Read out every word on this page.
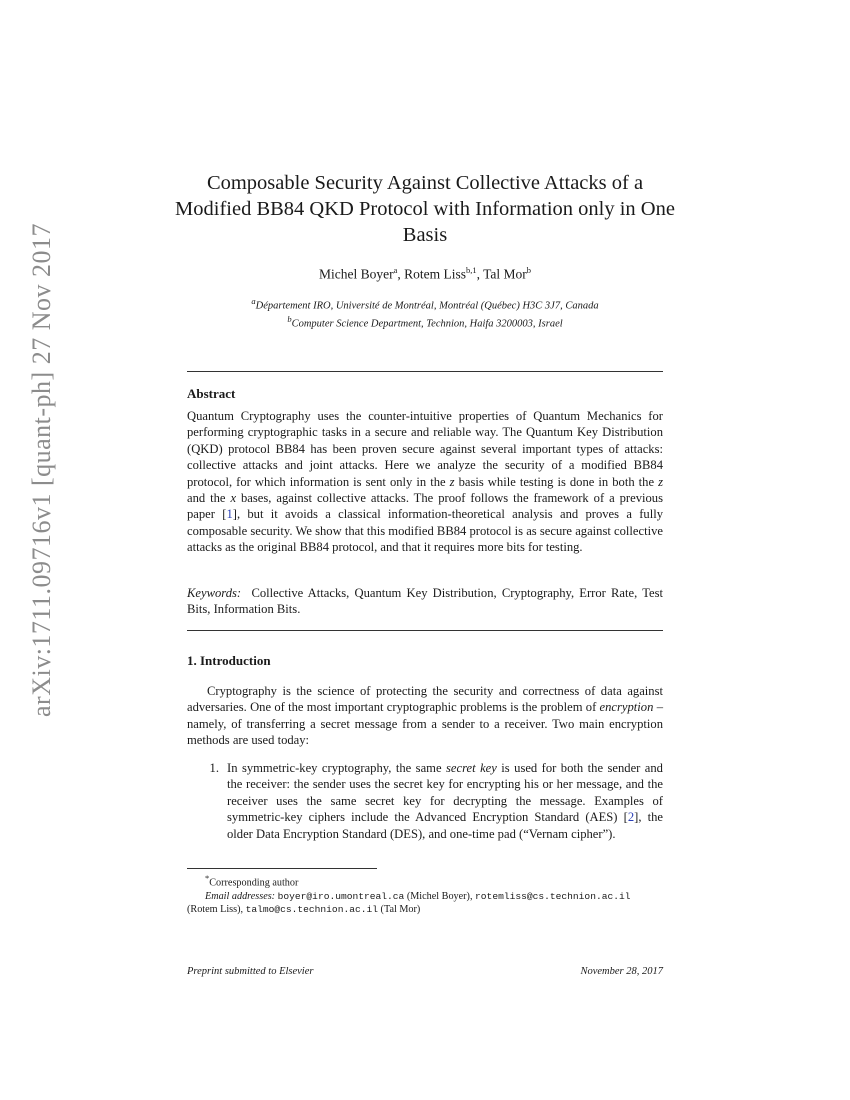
arXiv:1711.09716v1 [quant-ph] 27 Nov 2017
Composable Security Against Collective Attacks of a Modified BB84 QKD Protocol with Information only in One Basis
Michel Boyer$^a$, Rotem Liss$^{b,1}$, Tal Mor$^b$
$^a$Département IRO, Université de Montréal, Montréal (Québec) H3C 3J7, Canada
$^b$Computer Science Department, Technion, Haifa 3200003, Israel
Abstract
Quantum Cryptography uses the counter-intuitive properties of Quantum Mechanics for performing cryptographic tasks in a secure and reliable way. The Quantum Key Distribution (QKD) protocol BB84 has been proven secure against several important types of attacks: collective attacks and joint attacks. Here we analyze the security of a modified BB84 protocol, for which information is sent only in the z basis while testing is done in both the z and the x bases, against collective attacks. The proof follows the framework of a previous paper [1], but it avoids a classical information-theoretical analysis and proves a fully composable security. We show that this modified BB84 protocol is as secure against collective attacks as the original BB84 protocol, and that it requires more bits for testing.
Keywords: Collective Attacks, Quantum Key Distribution, Cryptography, Error Rate, Test Bits, Information Bits.
1. Introduction
Cryptography is the science of protecting the security and correctness of data against adversaries. One of the most important cryptographic problems is the problem of encryption – namely, of transferring a secret message from a sender to a receiver. Two main encryption methods are used today:
1. In symmetric-key cryptography, the same secret key is used for both the sender and the receiver: the sender uses the secret key for encrypting his or her message, and the receiver uses the same secret key for decrypting the message. Examples of symmetric-key ciphers include the Advanced Encryption Standard (AES) [2], the older Data Encryption Standard (DES), and one-time pad (“Vernam cipher”).
*Corresponding author
Email addresses: boyer@iro.umontreal.ca (Michel Boyer), rotemliss@cs.technion.ac.il (Rotem Liss), talmo@cs.technion.ac.il (Tal Mor)
Preprint submitted to Elsevier	November 28, 2017
